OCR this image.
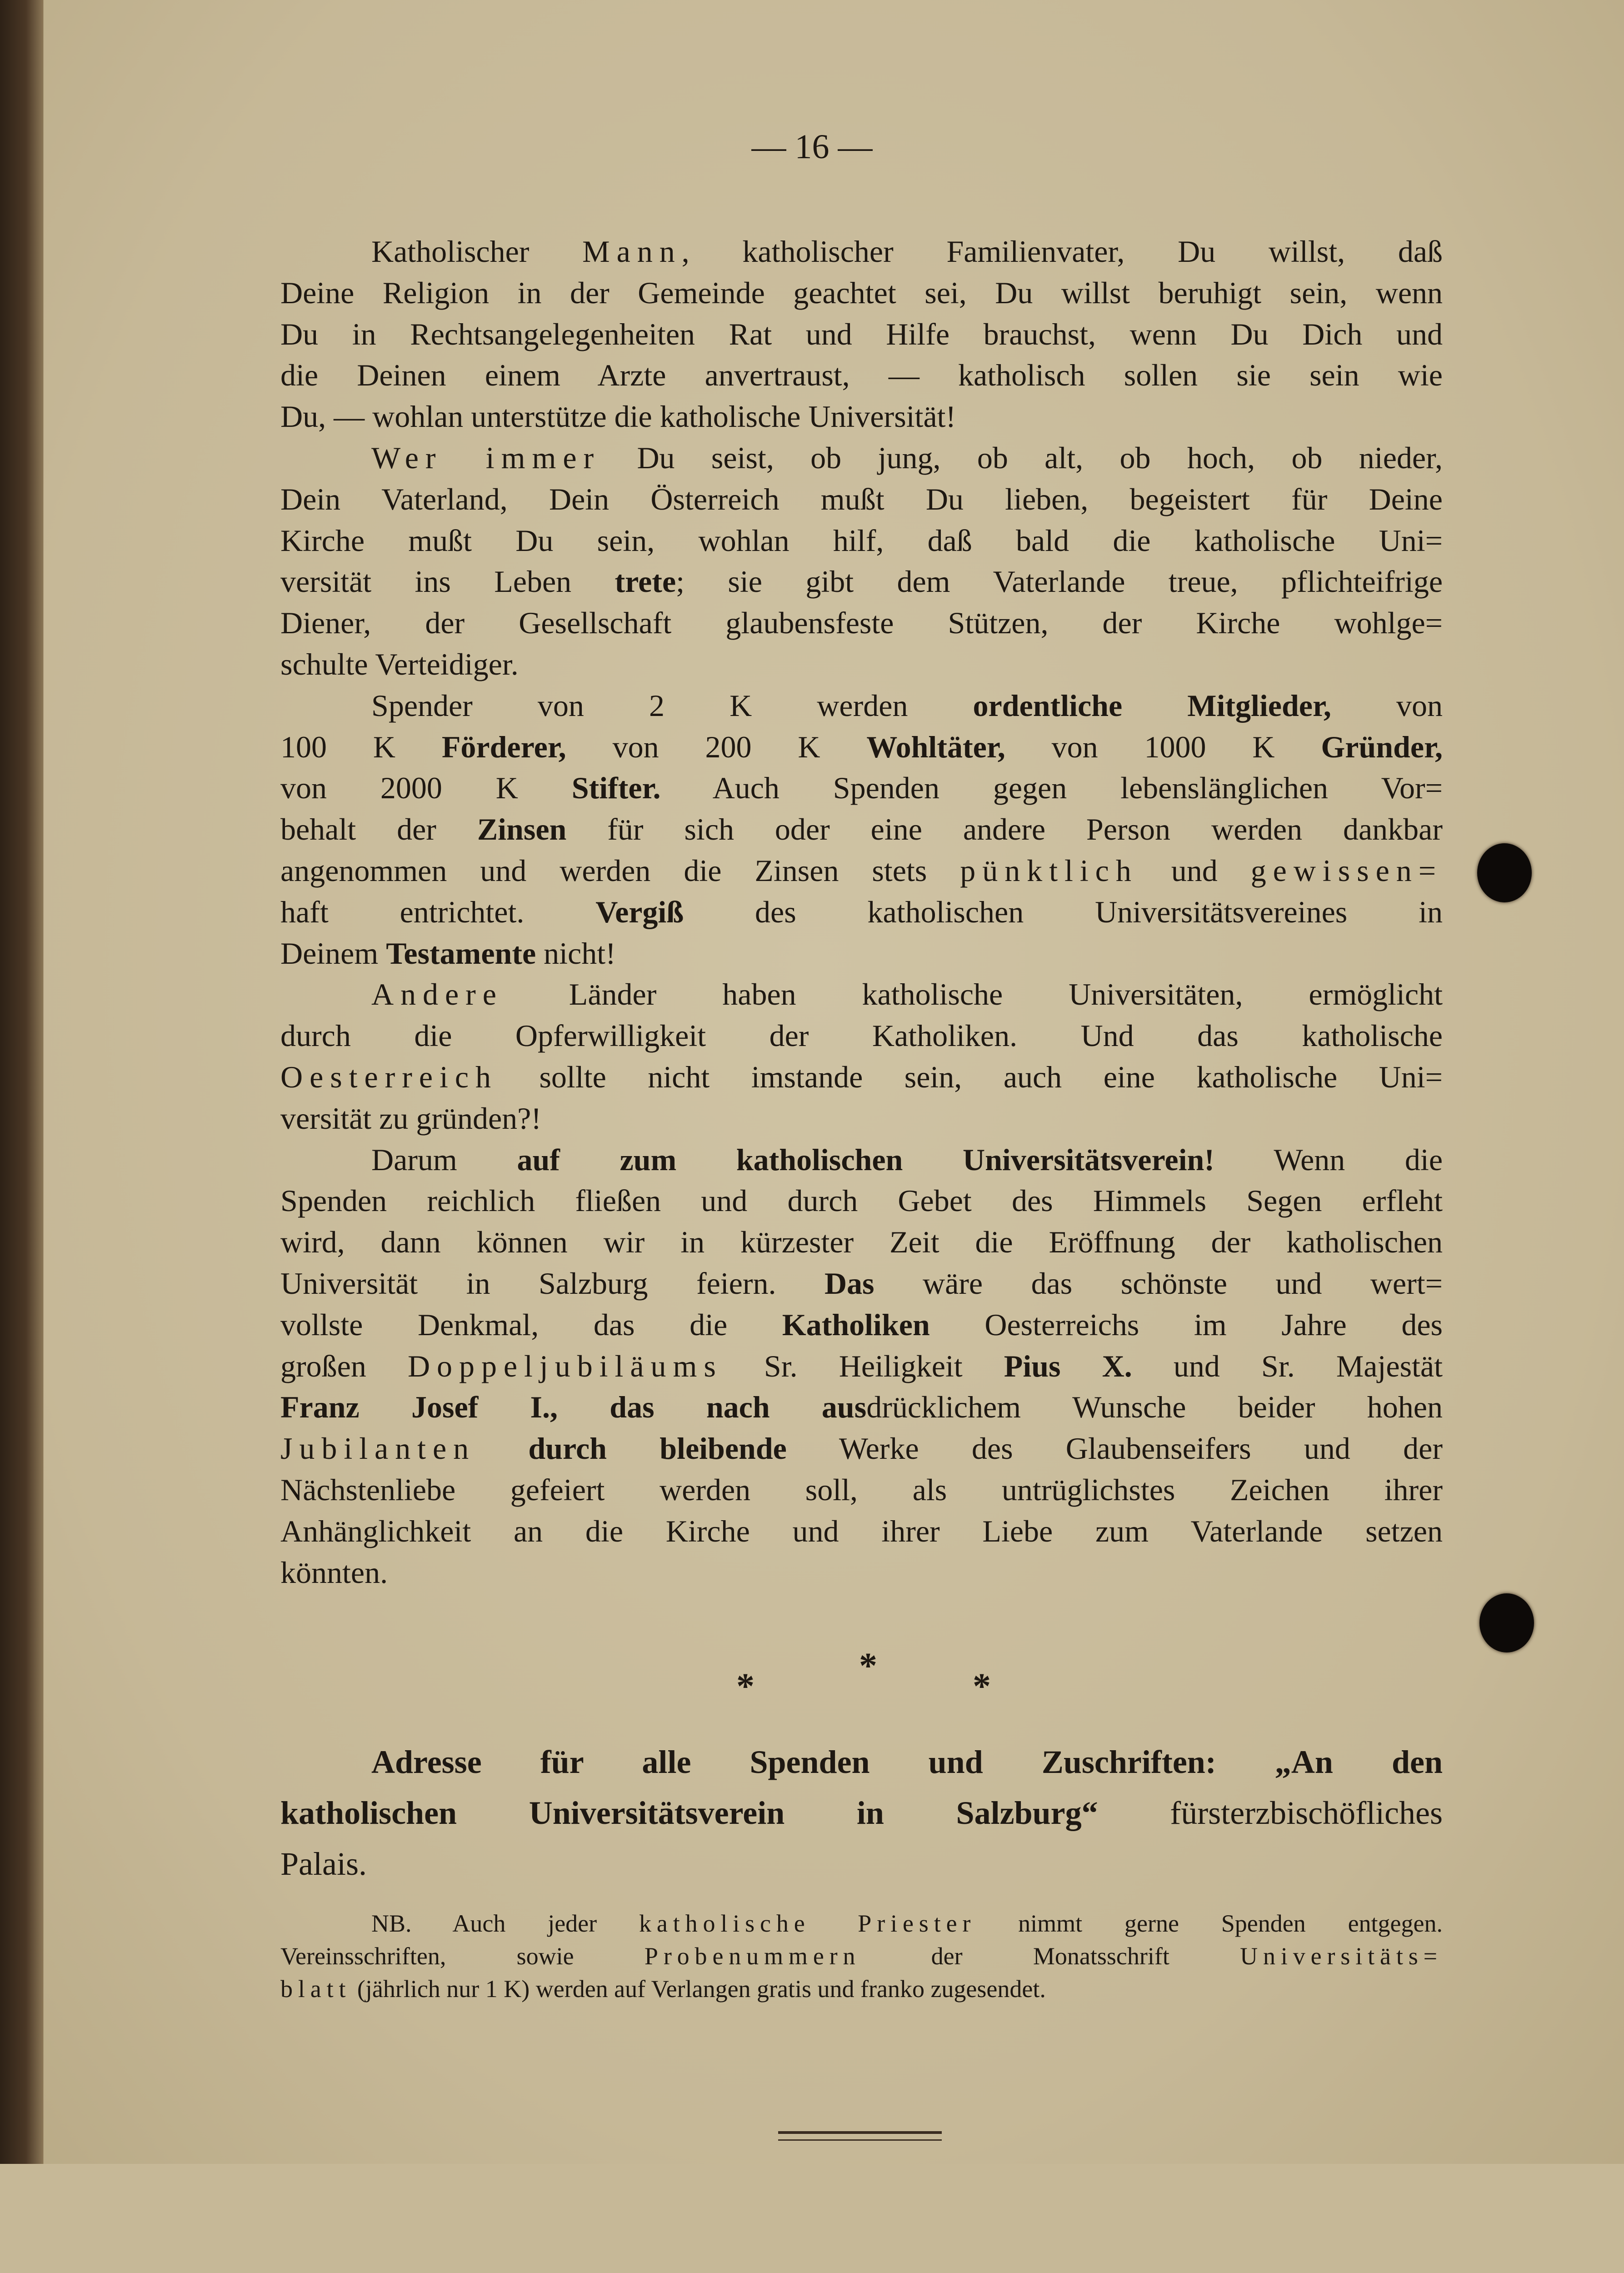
— 16 —
Katholischer Mann, katholischer Familienvater, Du willst, daß
Deine Religion in der Gemeinde geachtet sei, Du willst beruhigt sein, wenn
Du in Rechtsangelegenheiten Rat und Hilfe brauchst, wenn Du Dich und
die Deinen einem Arzte anvertraust, — katholisch sollen sie sein wie
Du, — wohlan unterstütze die katholische Universität!
Wer immer Du seist, ob jung, ob alt, ob hoch, ob nieder,
Dein Vaterland, Dein Österreich mußt Du lieben, begeistert für Deine
Kirche mußt Du sein, wohlan hilf, daß bald die katholische Uni=
versität ins Leben trete; sie gibt dem Vaterlande treue, pflichteifrige
Diener, der Gesellschaft glaubensfeste Stützen, der Kirche wohlge=
schulte Verteidiger.
Spender von 2 K werden ordentliche Mitglieder, von
100 K Förderer, von 200 K Wohltäter, von 1000 K Gründer,
von 2000 K Stifter. Auch Spenden gegen lebenslänglichen Vor=
behalt der Zinsen für sich oder eine andere Person werden dankbar
angenommen und werden die Zinsen stets pünktlich und gewissen=
haft entrichtet. Vergiß des katholischen Universitätsvereines in
Deinem Testamente nicht!
Andere Länder haben katholische Universitäten, ermöglicht
durch die Opferwilligkeit der Katholiken. Und das katholische
Oesterreich sollte nicht imstande sein, auch eine katholische Uni=
versität zu gründen?!
Darum auf zum katholischen Universitätsverein! Wenn die
Spenden reichlich fließen und durch Gebet des Himmels Segen erfleht
wird, dann können wir in kürzester Zeit die Eröffnung der katholischen
Universität in Salzburg feiern. Das wäre das schönste und wert=
vollste Denkmal, das die Katholiken Oesterreichs im Jahre des
großen Doppeljubiläums Sr. Heiligkeit Pius X. und Sr. Majestät
Franz Josef I., das nach ausdrücklichem Wunsche beider hohen
Jubilanten durch bleibende Werke des Glaubenseifers und der
Nächstenliebe gefeiert werden soll, als untrüglichstes Zeichen ihrer
Anhänglichkeit an die Kirche und ihrer Liebe zum Vaterlande setzen
könnten.
*
*	*
Adresse für alle Spenden und Zuschriften: „An den
katholischen Universitätsverein in Salzburg“ fürsterzbischöfliches
Palais.
NB. Auch jeder katholische Priester nimmt gerne Spenden entgegen.
Vereinsschriften, sowie Probenummern der Monatsschrift Universitäts=
blatt (jährlich nur 1 K) werden auf Verlangen gratis und franko zugesendet.
